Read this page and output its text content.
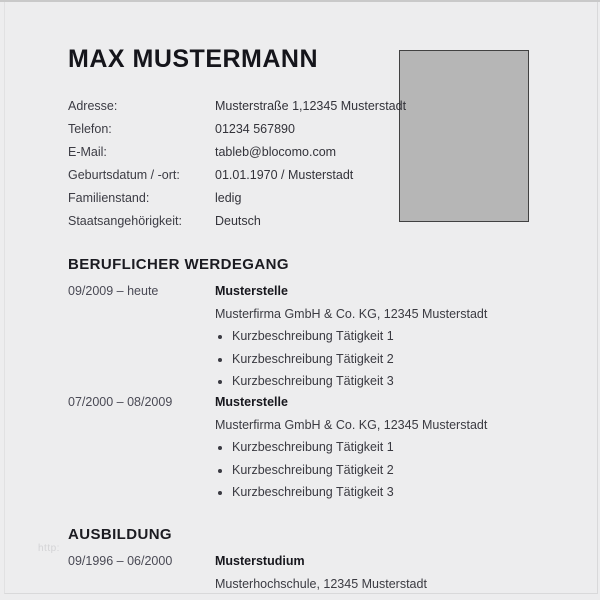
MAX MUSTERMANN
Adresse:	Musterstraße 1,12345 Musterstadt
Telefon:	01234 567890
E-Mail:	tableb@blocomo.com
Geburtsdatum / -ort:	01.01.1970 / Musterstadt
Familienstand:	ledig
Staatsangehörigkeit:	Deutsch
BERUFLICHER WERDEGANG
09/2009 – heute	Musterstelle
Musterfirma GmbH & Co. KG, 12345 Musterstadt
• Kurzbeschreibung Tätigkeit 1
• Kurzbeschreibung Tätigkeit 2
• Kurzbeschreibung Tätigkeit 3
07/2000 – 08/2009	Musterstelle
Musterfirma GmbH & Co. KG, 12345 Musterstadt
• Kurzbeschreibung Tätigkeit 1
• Kurzbeschreibung Tätigkeit 2
• Kurzbeschreibung Tätigkeit 3
http:
AUSBILDUNG
09/1996 – 06/2000	Musterstudium
Musterhochschule, 12345 Musterstadt
